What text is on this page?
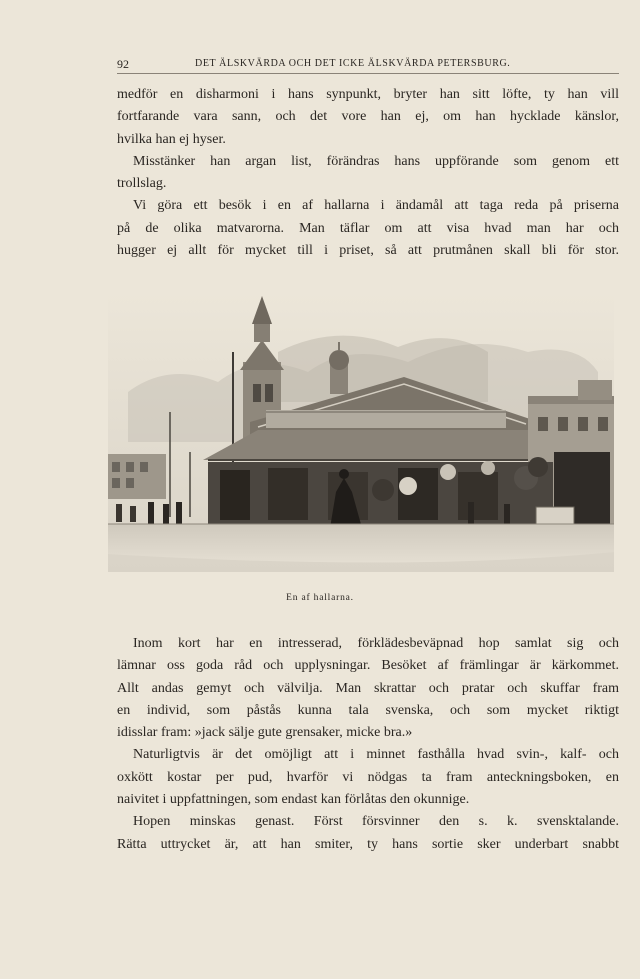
92	DET ÄLSKVÄRDA OCH DET ICKE ÄLSKVÄRDA PETERSBURG.

medför en disharmoni i hans synpunkt, bryter han sitt löfte, ty han vill
fortfarande vara sann, och det vore han ej, om han hycklade känslor,
hvilka han ej hyser.

Misstänker han argan list, förändras hans uppförande som genom ett
trollslag.

Vi göra ett besök i en af hallarna i ändamål att taga reda på priserna
på de olika matvarorna. Man täflar om att visa hvad man har och
hugger ej allt för mycket till i priset, så att prutmånen skall bli för stor.

En af hallarna.

Inom kort har en intresserad, förklädesbeväpnad hop samlat sig och
lämnar oss goda råd och upplysningar. Besöket af främlingar är kärkommet.
Allt andas gemyt och välvilja. Man skrattar och pratar och skuffar fram
en individ, som påstås kunna tala svenska, och som mycket riktigt
idisslar fram: »jack sälje gute grensaker, micke bra.»

Naturligtvis är det omöjligt att i minnet fasthålla hvad svin-, kalf- och
oxkött kostar per pud, hvarför vi nödgas ta fram anteckningsboken, en
naivitet i uppfattningen, som endast kan förlåtas den okunnige.

Hopen minskas genast. Först försvinner den s. k. svensktalande.
Rätta uttrycket är, att han smiter, ty hans sortie sker underbart snabbt
